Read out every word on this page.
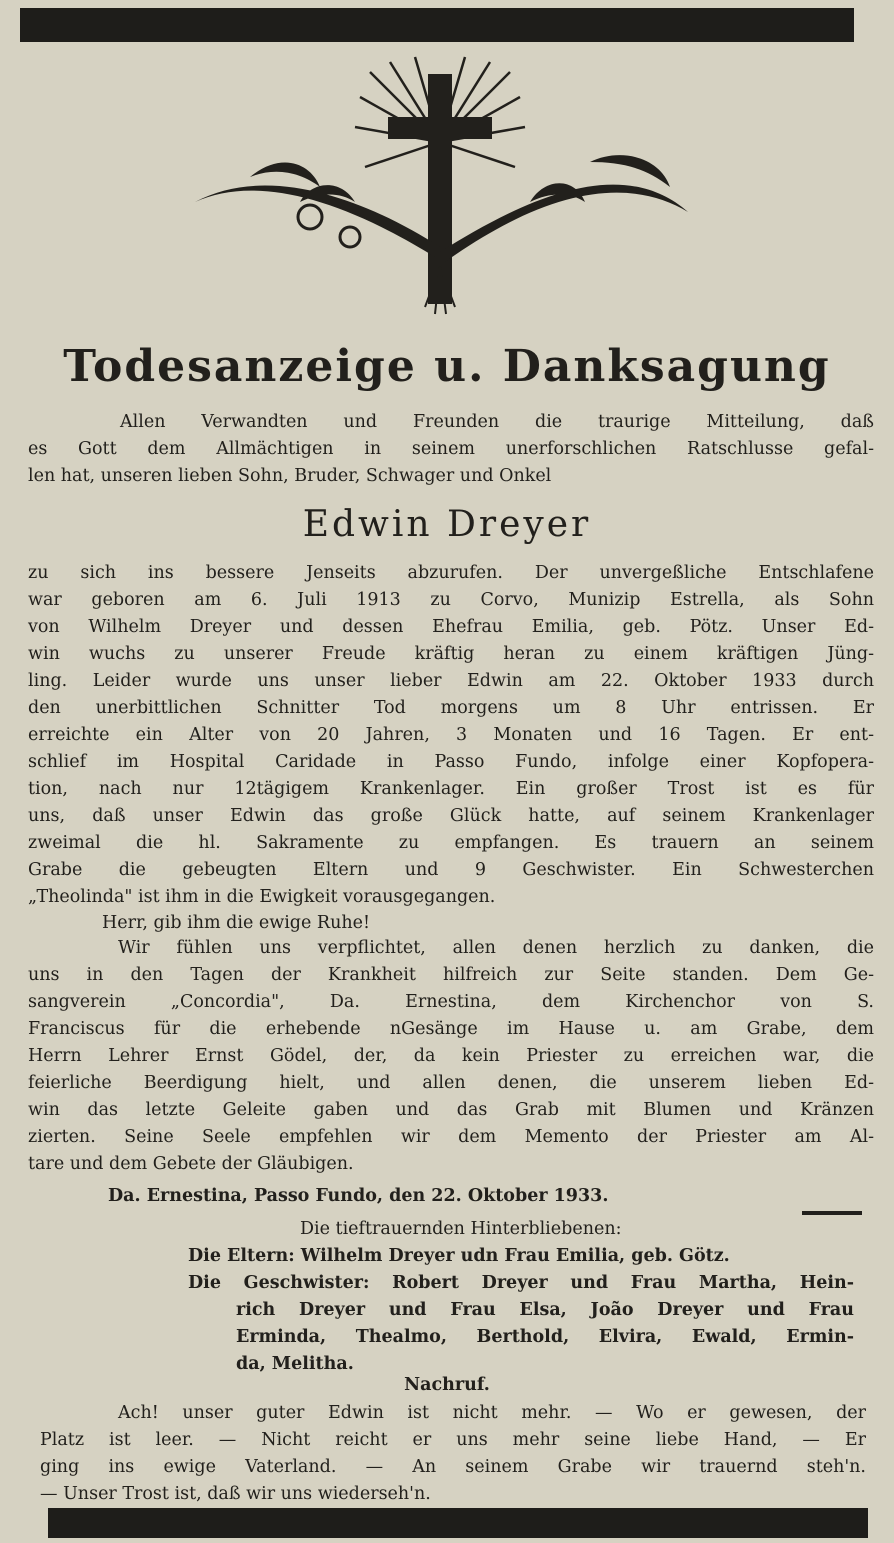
Todesanzeige u. Danksagung
Allen Verwandten und Freunden die traurige Mitteilung, daß
es Gott dem Allmächtigen in seinem unerforschlichen Ratschlusse gefal-
len hat, unseren lieben Sohn, Bruder, Schwager und Onkel
Edwin Dreyer
zu sich ins bessere Jenseits abzurufen. Der unvergeßliche Entschlafene
war geboren am 6. Juli 1913 zu Corvo, Munizip Estrella, als Sohn
von Wilhelm Dreyer und dessen Ehefrau Emilia, geb. Pötz. Unser Ed-
win wuchs zu unserer Freude kräftig heran zu einem kräftigen Jüng-
ling. Leider wurde uns unser lieber Edwin am 22. Oktober 1933 durch
den unerbittlichen Schnitter Tod morgens um 8 Uhr entrissen. Er
erreichte ein Alter von 20 Jahren, 3 Monaten und 16 Tagen. Er ent-
schlief im Hospital Caridade in Passo Fundo, infolge einer Kopfopera-
tion, nach nur 12tägigem Krankenlager. Ein großer Trost ist es für
uns, daß unser Edwin das große Glück hatte, auf seinem Krankenlager
zweimal die hl. Sakramente zu empfangen. Es trauern an seinem
Grabe die gebeugten Eltern und 9 Geschwister. Ein Schwesterchen
„Theolinda" ist ihm in die Ewigkeit vorausgegangen.

Herr, gib ihm die ewige Ruhe!

Wir fühlen uns verpflichtet, allen denen herzlich zu danken, die
uns in den Tagen der Krankheit hilfreich zur Seite standen. Dem Ge-
sangverein „Concordia", Da. Ernestina, dem Kirchenchor von S.
Franciscus für die erhebende nGesänge im Hause u. am Grabe, dem
Herrn Lehrer Ernst Gödel, der, da kein Priester zu erreichen war, die
feierliche Beerdigung hielt, und allen denen, die unserem lieben Ed-
win das letzte Geleite gaben und das Grab mit Blumen und Kränzen
zierten. Seine Seele empfehlen wir dem Memento der Priester am Al-
tare und dem Gebete der Gläubigen.

Da. Ernestina, Passo Fundo, den 22. Oktober 1933.

Die tieftrauernden Hinterbliebenen:

Die Eltern: Wilhelm Dreyer udn Frau Emilia, geb. Götz.

Die Geschwister: Robert Dreyer und Frau Martha, Hein-
rich Dreyer und Frau Elsa, João Dreyer und Frau
Erminda, Thealmo, Berthold, Elvira, Ewald, Ermin-
da, Melitha.

Nachruf.

Ach! unser guter Edwin ist nicht mehr. — Wo er gewesen, der
Platz ist leer. — Nicht reicht er uns mehr seine liebe Hand, — Er
ging ins ewige Vaterland. — An seinem Grabe wir trauernd steh'n.
— Unser Trost ist, daß wir uns wiederseh'n.
